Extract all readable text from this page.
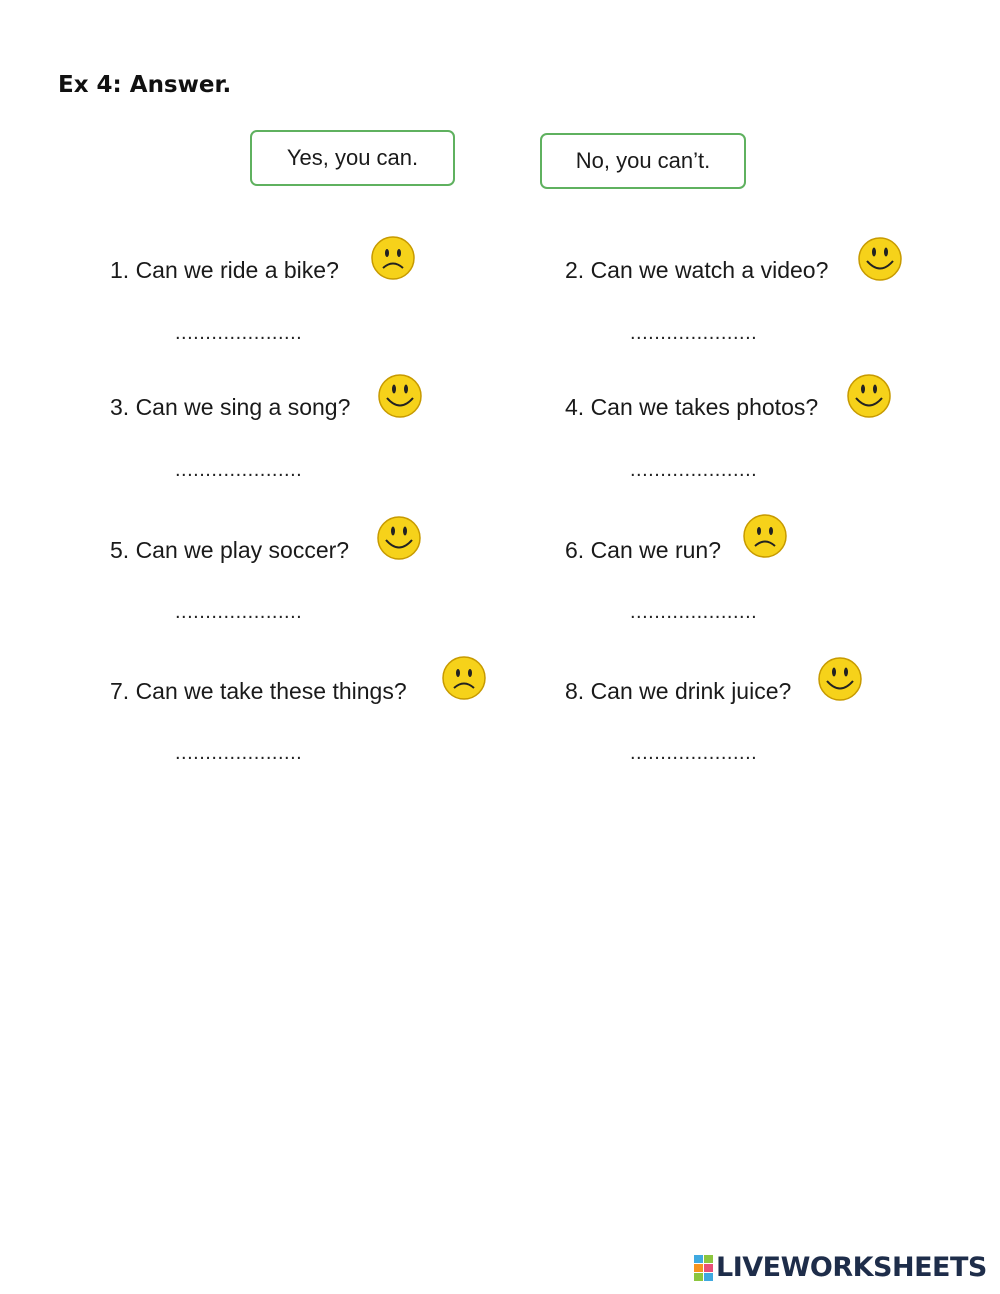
Ex 4: Answer.
Yes, you can.	No, you can’t.
1. Can we ride a bike?
.....................
2. Can we watch a video?
.....................
3. Can we sing a song?
.....................
4. Can we takes photos?
.....................
5. Can we play soccer?
.....................
6. Can we run?
.....................
7. Can we take these things?
.....................
8. Can we drink juice?
.....................
LIVEWORKSHEETS
